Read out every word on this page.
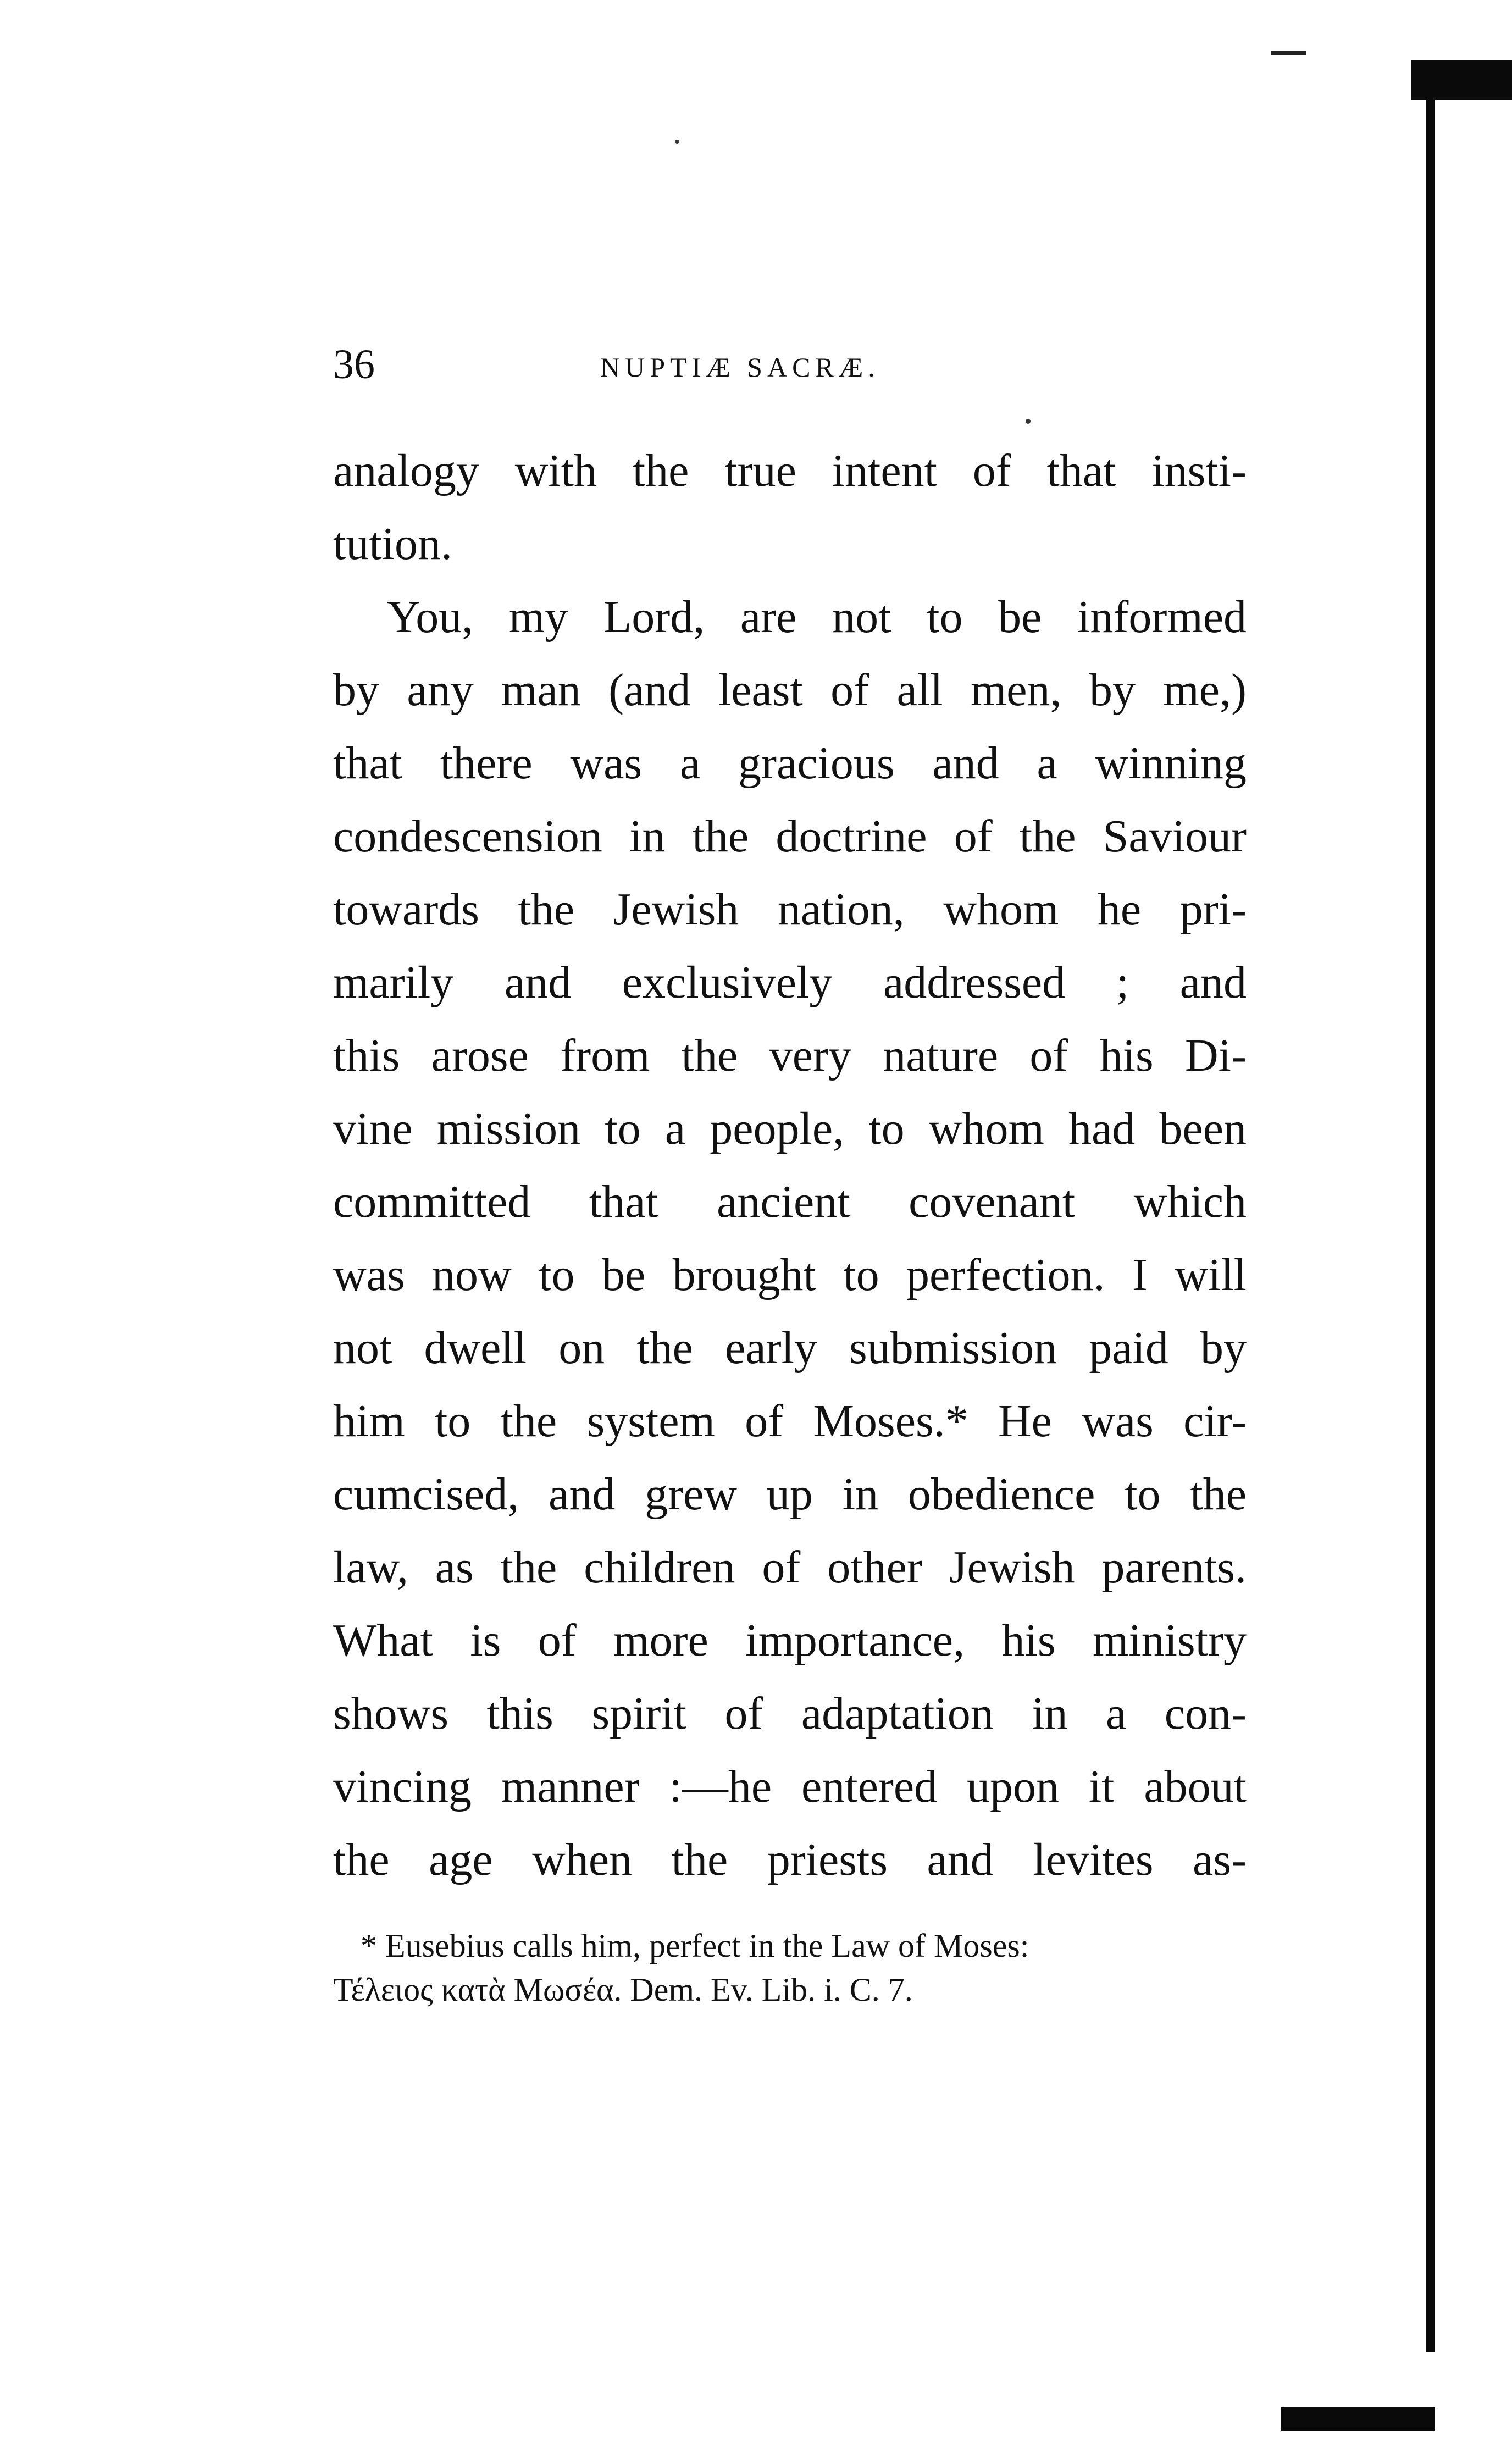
36	NUPTIÆ SACRÆ.
analogy with the true intent of that insti-
tution.
You, my Lord, are not to be informed
by any man (and least of all men, by me,)
that there was a gracious and a winning
condescension in the doctrine of the Saviour
towards the Jewish nation, whom he pri-
marily and exclusively addressed ; and
this arose from the very nature of his Di-
vine mission to a people, to whom had been
committed that ancient covenant which
was now to be brought to perfection. I will
not dwell on the early submission paid by
him to the system of Moses.* He was cir-
cumcised, and grew up in obedience to the
law, as the children of other Jewish parents.
What is of more importance, his ministry
shows this spirit of adaptation in a con-
vincing manner :—he entered upon it about
the age when the priests and levites as-
* Eusebius calls him, perfect in the Law of Moses:
Τέλειος κατὰ Μωσέα. Dem. Ev. Lib. i. C. 7.
